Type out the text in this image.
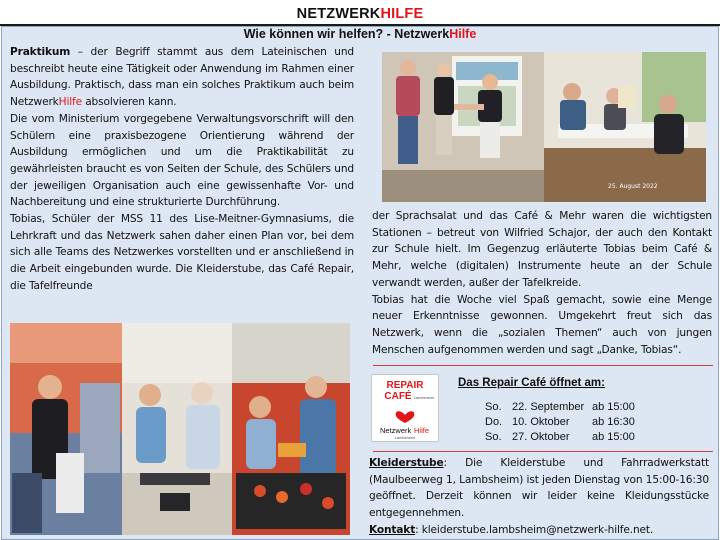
NETZWERKHILFE
Wie können wir helfen? - NetzwerkHilfe

Praktikum – der Begriff stammt aus dem Lateinischen und beschreibt heute eine Tätigkeit oder Anwendung im Rahmen einer Ausbildung. Praktisch, dass man ein solches Praktikum auch beim NetzwerkHilfe absolvieren kann.

Die vom Ministerium vorgegebene Verwaltungsvorschrift will den Schülern eine praxisbezogene Orientierung während der Ausbildung ermöglichen und um die Praktikabilität zu gewährleisten braucht es von Seiten der Schule, des Schülers und der jeweiligen Organisation auch eine gewissenhafte Vor- und Nachbereitung und eine strukturierte Durchführung.

Tobias, Schüler der MSS 11 des Lise-Meitner-Gymnasiums, die Lehrkraft und das Netzwerk sahen daher einen Plan vor, bei dem sich alle Teams des Netzwerkes vorstellten und er anschließend in die Arbeit eingebunden wurde. Die Kleiderstube, das Café Repair, die Tafelfreunde

25. August 2022

der Sprachsalat und das Café & Mehr waren die wichtigsten Stationen – betreut von Wilfried Schajor, der auch den Kontakt zur Schule hielt. Im Gegenzug erläuterte Tobias beim Café & Mehr, welche (digitalen) Instrumente heute an der Schule verwandt werden, außer der Tafelkreide.

Tobias hat die Woche viel Spaß gemacht, sowie eine Menge neuer Erkenntnisse gewonnen. Umgekehrt freut sich das Netzwerk, wenn die „sozialen Themen“ auch von jungen Menschen aufgenommen werden und sagt „Danke, Tobias“.

REPAIR
CAFÉ Lambsheim
Netzwerk Hilfe
Lambsheim
Das Repair Café öffnet am:
So. 22. September ab 15:00
Do. 10. Oktober ab 16:30
So. 27. Oktober ab 15:00

Kleiderstube: Die Kleiderstube und Fahrradwerkstatt (Maulbeerweg 1, Lambsheim) ist jeden Dienstag von 15:00-16:30 geöffnet. Derzeit können wir leider keine Kleidungsstücke entgegennehmen.

Kontakt: kleiderstube.lambsheim@netzwerk-hilfe.net.
